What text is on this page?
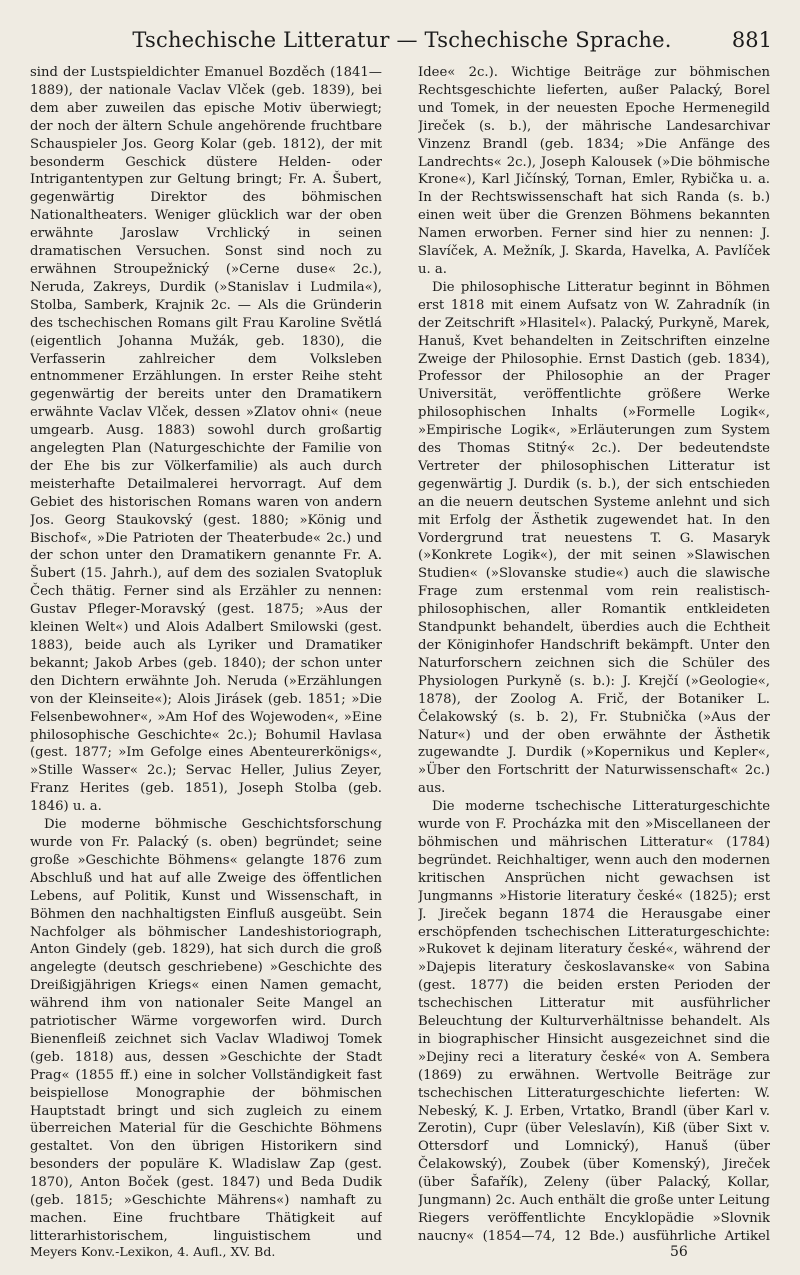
Tschechische Litteratur — Tschechische Sprache.	881

sind der Lustspieldichter Emanuel Bozděch (1841—1889), der nationale Vaclav Vlček (geb. 1839), bei dem aber zuweilen das epische Motiv überwiegt; der noch der ältern Schule angehörende fruchtbare Schauspieler Jos. Georg Kolar (geb. 1812), der mit besonderm Geschick düstere Helden- oder Intrigantentypen zur Geltung bringt; Fr. A. Šubert, gegenwärtig Direktor des böhmischen Nationaltheaters. Weniger glücklich war der oben erwähnte Jaroslaw Vrchlický in seinen dramatischen Versuchen. Sonst sind noch zu erwähnen Stroupežnický (»Cerne duse« 2c.), Neruda, Zakreys, Durdik (»Stanislav i Ludmila«), Stolba, Samberk, Krajnik 2c. — Als die Gründerin des tschechischen Romans gilt Frau Karoline Světlá (eigentlich Johanna Mužák, geb. 1830), die Verfasserin zahlreicher dem Volksleben entnommener Erzählungen. In erster Reihe steht gegenwärtig der bereits unter den Dramatikern erwähnte Vaclav Vlček, dessen »Zlatov ohni« (neue umgearb. Ausg. 1883) sowohl durch großartig angelegten Plan (Naturgeschichte der Familie von der Ehe bis zur Völkerfamilie) als auch durch meisterhafte Detailmalerei hervorragt. Auf dem Gebiet des historischen Romans waren von andern Jos. Georg Staukovský (gest. 1880; »König und Bischof«, »Die Patrioten der Theaterbude« 2c.) und der schon unter den Dramatikern genannte Fr. A. Šubert (15. Jahrh.), auf dem des sozialen Svatopluk Čech thätig. Ferner sind als Erzähler zu nennen: Gustav Pfleger-Moravský (gest. 1875; »Aus der kleinen Welt«) und Alois Adalbert Smilowski (gest. 1883), beide auch als Lyriker und Dramatiker bekannt; Jakob Arbes (geb. 1840); der schon unter den Dichtern erwähnte Joh. Neruda (»Erzählungen von der Kleinseite«); Alois Jirásek (geb. 1851; »Die Felsenbewohner«, »Am Hof des Wojewoden«, »Eine philosophische Geschichte« 2c.); Bohumil Havlasa (gest. 1877; »Im Gefolge eines Abenteurerkönigs«, »Stille Wasser« 2c.); Servac Heller, Julius Zeyer, Franz Herites (geb. 1851), Joseph Stolba (geb. 1846) u. a.

Die moderne böhmische Geschichtsforschung wurde von Fr. Palacký (s. oben) begründet; seine große »Geschichte Böhmens« gelangte 1876 zum Abschluß und hat auf alle Zweige des öffentlichen Lebens, auf Politik, Kunst und Wissenschaft, in Böhmen den nachhaltigsten Einfluß ausgeübt. Sein Nachfolger als böhmischer Landeshistoriograph, Anton Gindely (geb. 1829), hat sich durch die groß angelegte (deutsch geschriebene) »Geschichte des Dreißigjährigen Kriegs« einen Namen gemacht, während ihm von nationaler Seite Mangel an patriotischer Wärme vorgeworfen wird. Durch Bienenfleiß zeichnet sich Vaclav Wladiwoj Tomek (geb. 1818) aus, dessen »Geschichte der Stadt Prag« (1855 ff.) eine in solcher Vollständigkeit fast beispiellose Monographie der böhmischen Hauptstadt bringt und sich zugleich zu einem überreichen Material für die Geschichte Böhmens gestaltet. Von den übrigen Historikern sind besonders der populäre K. Wladislaw Zap (gest. 1870), Anton Boček (gest. 1847) und Beda Dudik (geb. 1815; »Geschichte Mährens«) namhaft zu machen. Eine fruchtbare Thätigkeit auf litterarhistorischem, linguistischem und

Idee« 2c.). Wichtige Beiträge zur böhmischen Rechtsgeschichte lieferten, außer Palacký, Borel und Tomek, in der neuesten Epoche Hermenegild Jireček (s. b.), der mährische Landesarchivar Vinzenz Brandl (geb. 1834; »Die Anfänge des Landrechts« 2c.), Joseph Kalousek (»Die böhmische Krone«), Karl Jičínský, Tornan, Emler, Rybička u. a. In der Rechtswissenschaft hat sich Randa (s. b.) einen weit über die Grenzen Böhmens bekannten Namen erworben. Ferner sind hier zu nennen: J. Slavíček, A. Mežník, J. Skarda, Havelka, A. Pavlíček u. a.

Die philosophische Litteratur beginnt in Böhmen erst 1818 mit einem Aufsatz von W. Zahradník (in der Zeitschrift »Hlasitel«). Palacký, Purkyně, Marek, Hanuš, Kvet behandelten in Zeitschriften einzelne Zweige der Philosophie. Ernst Dastich (geb. 1834), Professor der Philosophie an der Prager Universität, veröffentlichte größere Werke philosophischen Inhalts (»Formelle Logik«, »Empirische Logik«, »Erläuterungen zum System des Thomas Stitný« 2c.). Der bedeutendste Vertreter der philosophischen Litteratur ist gegenwärtig J. Durdik (s. b.), der sich entschieden an die neuern deutschen Systeme anlehnt und sich mit Erfolg der Ästhetik zugewendet hat. In den Vordergrund trat neuestens T. G. Masaryk (»Konkrete Logik«), der mit seinen »Slawischen Studien« (»Slovanske studie«) auch die slawische Frage zum erstenmal vom rein realistisch-philosophischen, aller Romantik entkleideten Standpunkt behandelt, überdies auch die Echtheit der Königinhofer Handschrift bekämpft. Unter den Naturforschern zeichnen sich die Schüler des Physiologen Purkyně (s. b.): J. Krejčí (»Geologie«, 1878), der Zoolog A. Frič, der Botaniker L. Čelakowský (s. b. 2), Fr. Stubnička (»Aus der Natur«) und der oben erwähnte der Ästhetik zugewandte J. Durdik (»Kopernikus und Kepler«, »Über den Fortschritt der Naturwissenschaft« 2c.) aus.

Die moderne tschechische Litteraturgeschichte wurde von F. Procházka mit den »Miscellaneen der böhmischen und mährischen Litteratur« (1784) begründet. Reichhaltiger, wenn auch den modernen kritischen Ansprüchen nicht gewachsen ist Jungmanns »Historie literatury české« (1825); erst J. Jireček begann 1874 die Herausgabe einer erschöpfenden tschechischen Litteraturgeschichte: »Rukovet k dejinam literatury české«, während der »Dajepis literatury českoslavanske« von Sabina (gest. 1877) die beiden ersten Perioden der tschechischen Litteratur mit ausführlicher Beleuchtung der Kulturverhältnisse behandelt. Als in biographischer Hinsicht ausgezeichnet sind die »Dejiny reci a literatury české« von A. Sembera (1869) zu erwähnen. Wertvolle Beiträge zur tschechischen Litteraturgeschichte lieferten: W. Nebeský, K. J. Erben, Vrtatko, Brandl (über Karl v. Zerotin), Cupr (über Veleslavín), Kiß (über Sixt v. Ottersdorf und Lomnický), Hanuš (über Čelakowský), Zoubek (über Komenský), Jireček (über Šafařík), Zeleny (über Palacký, Kollar, Jungmann) 2c. Auch enthält die große unter Leitung Riegers veröffentlichte Encyklopädie »Slovnik naucny« (1854—74, 12 Bde.) ausführliche Artikel

Meyers Konv.-Lexikon, 4. Aufl., XV. Bd.	56
